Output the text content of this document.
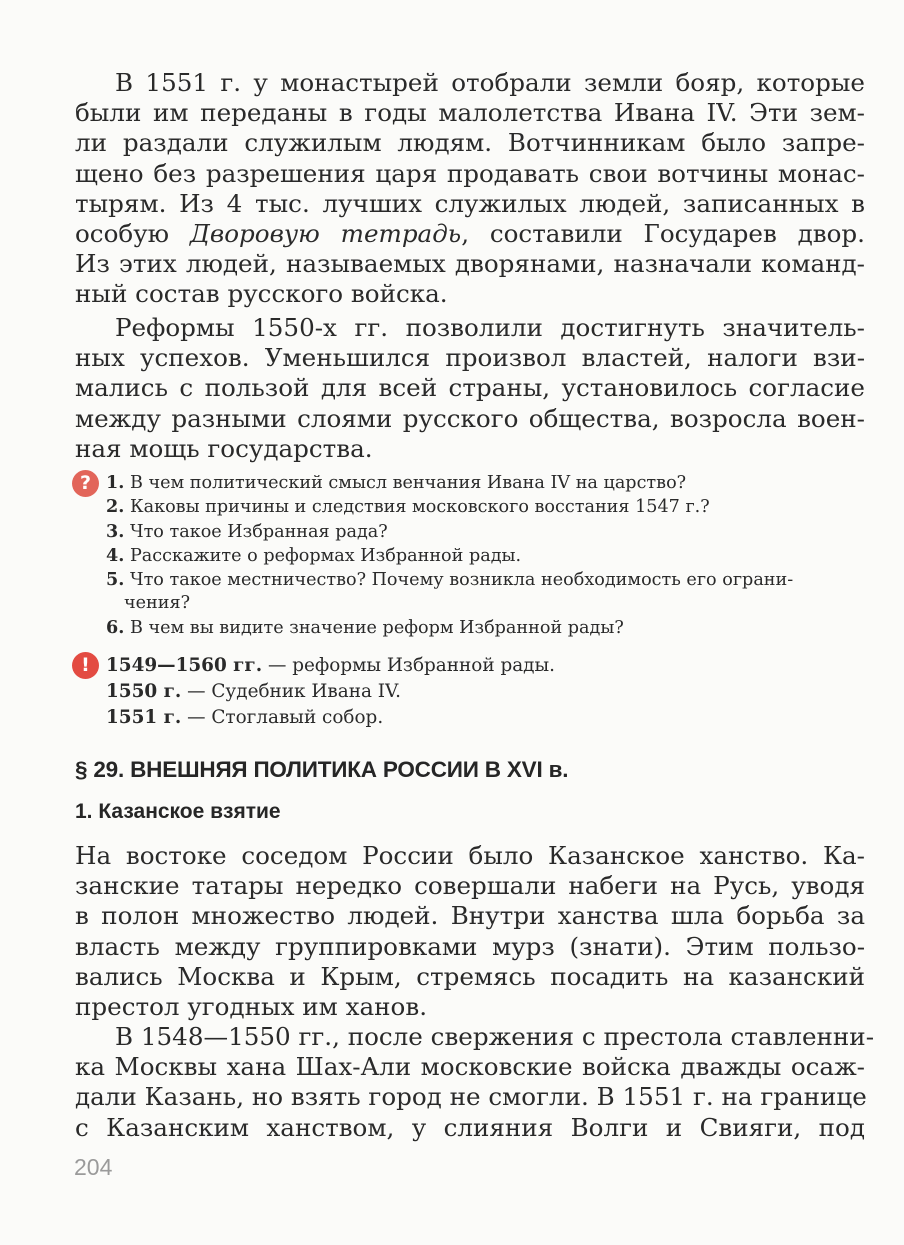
В 1551 г. у монастырей отобрали земли бояр, которые
были им переданы в годы малолетства Ивана IV. Эти зем-
ли раздали служилым людям. Вотчинникам было запре-
щено без разрешения царя продавать свои вотчины монас-
тырям. Из 4 тыс. лучших служилых людей, записанных в
особую Дворовую тетрадь, составили Государев двор.
Из этих людей, называемых дворянами, назначали команд-
ный состав русского войска.

Реформы 1550-х гг. позволили достигнуть значитель-
ных успехов. Уменьшился произвол властей, налоги взи-
мались с пользой для всей страны, установилось согласие
между разными слоями русского общества, возросла воен-
ная мощь государства.

? 1. В чем политический смысл венчания Ивана IV на царство?
2. Каковы причины и следствия московского восстания 1547 г.?
3. Что такое Избранная рада?
4. Расскажите о реформах Избранной рады.
5. Что такое местничество? Почему возникла необходимость его ограни-
чения?
6. В чем вы видите значение реформ Избранной рады?
! 1549—1560 гг. — реформы Избранной рады.
1550 г. — Судебник Ивана IV.
1551 г. — Стоглавый собор.
§ 29. ВНЕШНЯЯ ПОЛИТИКА РОССИИ В XVI в.
1. Казанское взятие

На востоке соседом России было Казанское ханство. Ка-
занские татары нередко совершали набеги на Русь, уводя
в полон множество людей. Внутри ханства шла борьба за
власть между группировками мурз (знати). Этим пользо-
вались Москва и Крым, стремясь посадить на казанский
престол угодных им ханов.

В 1548—1550 гг., после свержения с престола ставленни-
ка Москвы хана Шах-Али московские войска дважды осаж-
дали Казань, но взять город не смогли. В 1551 г. на границе
с Казанским ханством, у слияния Волги и Свияги, под

204
